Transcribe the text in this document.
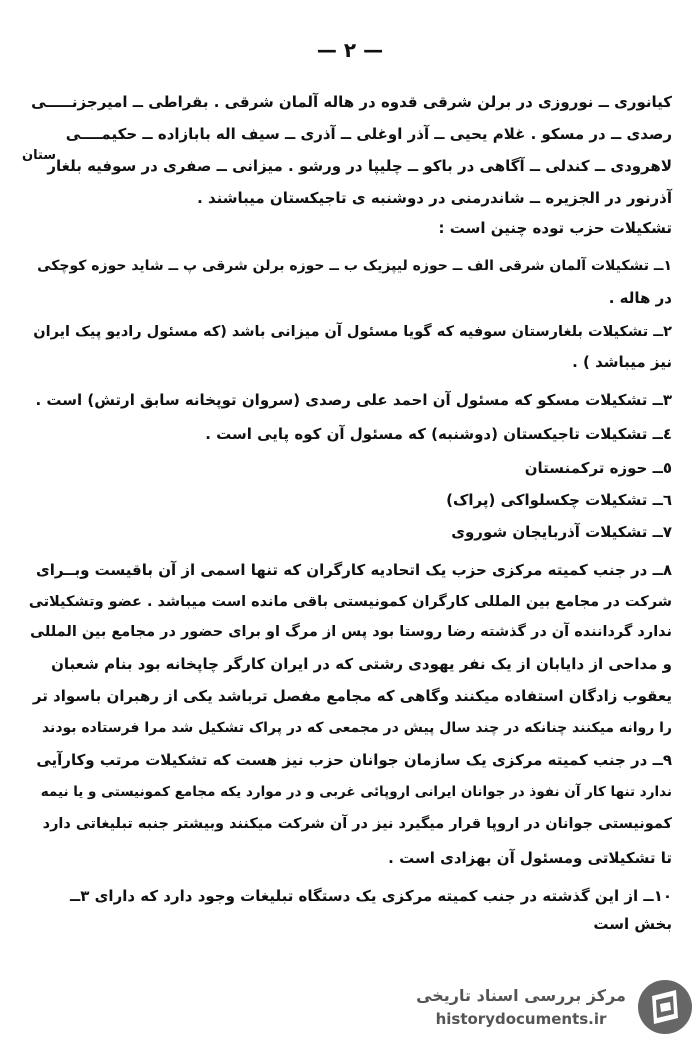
— ٢ —
ستان
کیانوری ــ نوروزی در برلن شرقی قدوه در هاله آلمان شرقی . بقراطی ــ امیرجزنـــــی
رصدی ــ در مسکو . غلام یحیی ــ آذر اوغلی ــ آذری ــ سیف اله بابازاده ــ حکیمــــی
لاهرودی ــ کندلی ــ آگاهی در باکو ــ چلیپا در ورشو . میزانی ــ صفری در سوفیه بلغار
آذرنور در الجزیره ــ شاندرمنی در دوشنبه ی تاجیکستان میباشند .
تشکیلات حزب توده چنین است :
١ــ تشکیلات آلمان شرقی الف ــ حوزه لیپزیک ب ــ حوزه برلن شرقی پ ــ شاید حوزه کوچکی
در هاله .
٢ــ تشکیلات بلغارستان سوفیه که گویا مسئول آن میزانی باشد (که مسئول رادیو پیک ایران
نیز میباشد ) .
٣ــ تشکیلات مسکو که مسئول آن احمد علی رصدی (سروان توپخانه سابق ارتش) است .
٤ــ تشکیلات تاجیکستان (دوشنبه) که مسئول آن کوه پایی است .
٥ــ حوزه ترکمنستان
٦ــ تشکیلات چکسلواکی (پراک)
٧ــ تشکیلات آذربایجان شوروی
٨ــ در جنب کمیته مرکزی حزب یک اتحادیه کارگران که تنها اسمی از آن باقیست وبــرای
شرکت در مجامع بین المللی کارگران کمونیستی باقی مانده است میباشد . عضو وتشکیلاتی
ندارد گرداننده آن در گذشته رضا روستا بود پس از مرگ او برای حضور در مجامع بین المللی
و مداحی از دایابان از یک نفر یهودی رشتی که در ایران کارگر چاپخانه بود بنام شعبان
یعقوب زادگان استفاده میکنند وگاهی که مجامع مفصل ترباشد یکی از رهبران باسواد تر
را روانه میکنند چنانکه در چند سال پیش در مجمعی که در پراک تشکیل شد مرا فرستاده بودند
٩ــ در جنب کمیته مرکزی یک سازمان جوانان حزب نیز هست که تشکیلات مرتب وکارآیی
ندارد تنها کار آن نفوذ در جوانان ایرانی اروپائی غربی و در موارد یکه مجامع کمونیستی و یا نیمه
کمونیستی جوانان در اروپا قرار میگیرد نیز در آن شرکت میکنند وبیشتر جنبه تبلیغاتی دارد
تا تشکیلاتی ومسئول آن بهزادی است .
١٠ــ از این گذشته در جنب کمیته مرکزی یک دستگاه تبلیغات وجود دارد که دارای ٣ــ
بخش است
مرکز بررسی اسناد تاریخی
historydocuments.ir
